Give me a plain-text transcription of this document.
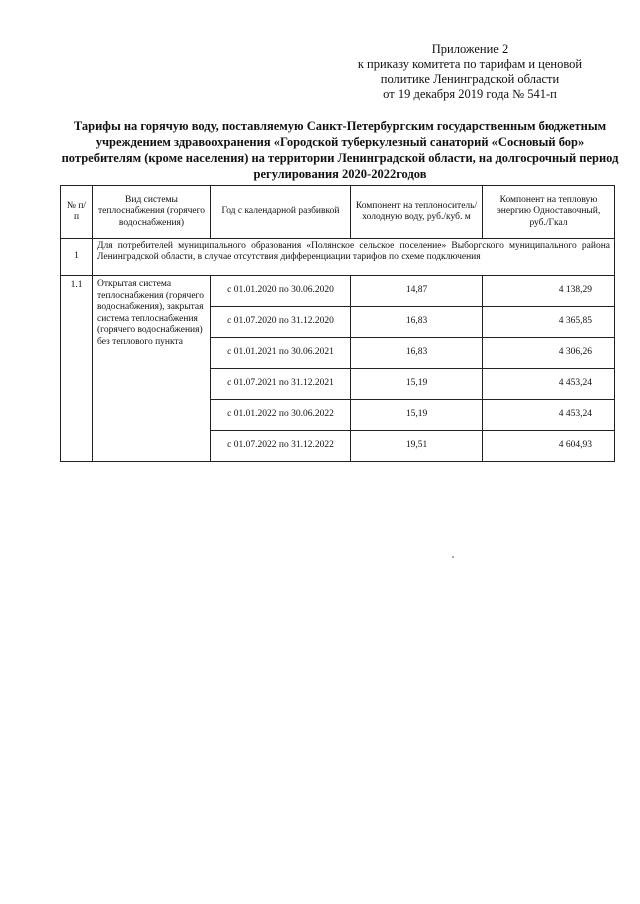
Приложение 2
к приказу комитета по тарифам и ценовой
политике Ленинградской области
от 19 декабря 2019 года № 541-п
Тарифы на горячую воду, поставляемую Санкт-Петербургским государственным бюджетным учреждением здравоохранения «Городской туберкулезный санаторий «Сосновый бор» потребителям (кроме населения) на территории Ленинградской области, на долгосрочный период регулирования 2020-2022годов
№ п/п	Вид системы теплоснабжения (горячего водоснабжения)	Год с календарной разбивкой	Компонент на теплоноситель/холодную воду, руб./куб. м	Компонент на тепловую энергию Одноставочный, руб./Гкал
1	Для потребителей муниципального образования «Полянское сельское поселение» Выборгского муниципального района Ленинградской области, в случае отсутствия дифференциации тарифов по схеме подключения			
1.1	Открытая система теплоснабжения (горячего водоснабжения), закрытая система теплоснабжения (горячего водоснабжения) без теплового пункта	с 01.01.2020 по 30.06.2020	14,87	4 138,29
		с 01.07.2020 по 31.12.2020	16,83	4 365,85
		с 01.01.2021 по 30.06.2021	16,83	4 306,26
		с 01.07.2021 по 31.12.2021	15,19	4 453,24
		с 01.01.2022 по 30.06.2022	15,19	4 453,24
		с 01.07.2022 по 31.12.2022	19,51	4 604,93
